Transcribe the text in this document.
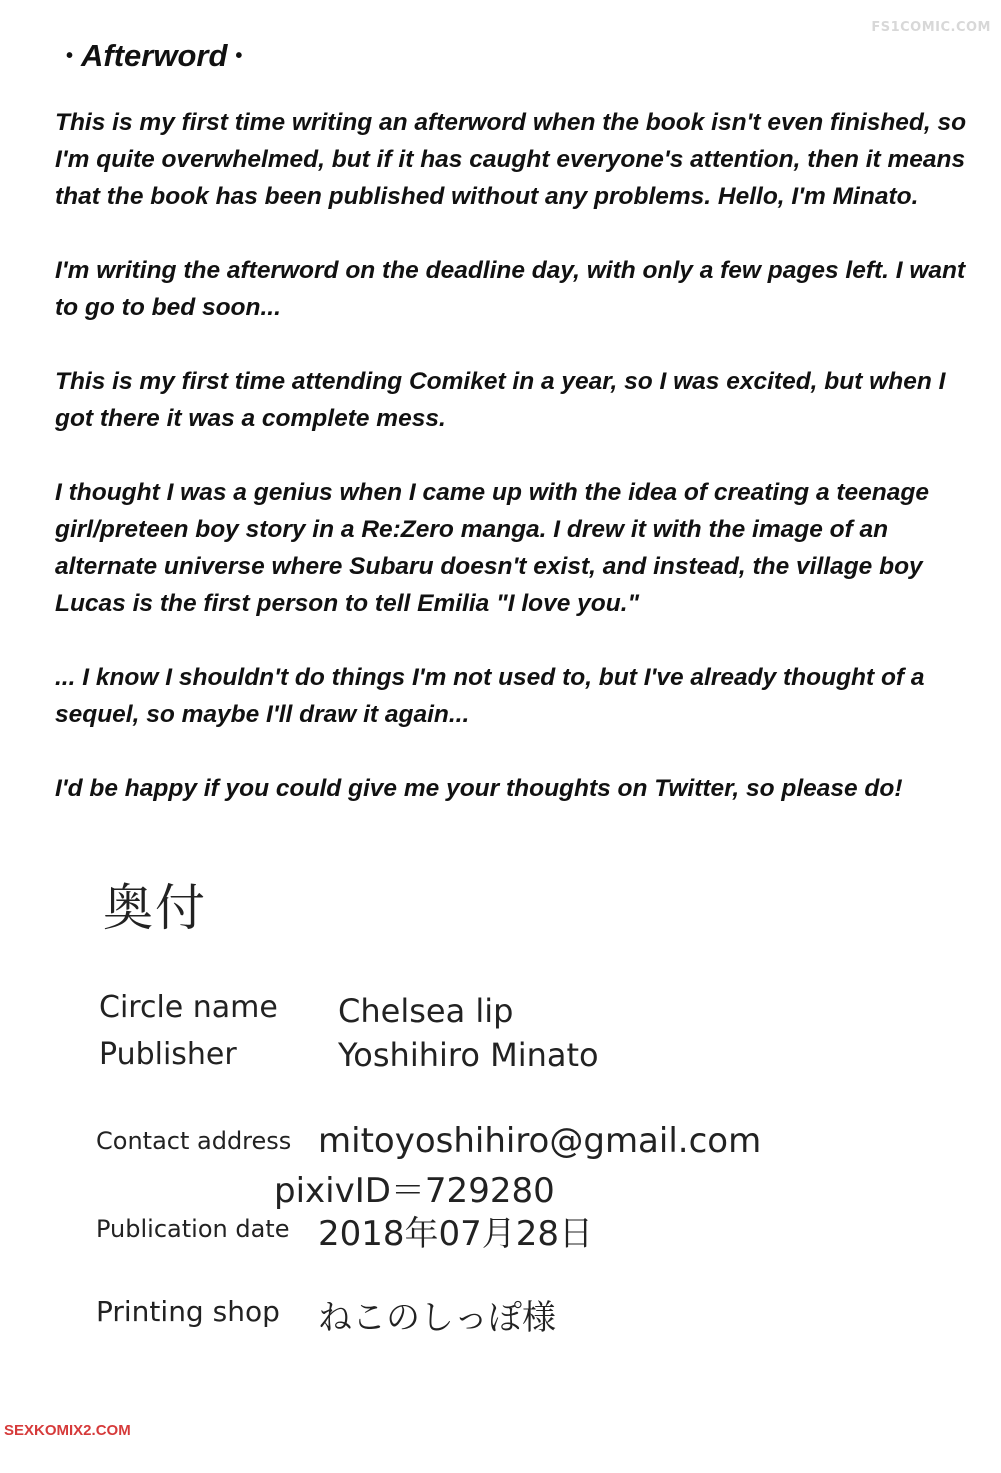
FS1COMIC.COM
• Afterword •

This is my first time writing an afterword when the book isn't even finished, so I'm quite overwhelmed, but if it has caught everyone's attention, then it means that the book has been published without any problems. Hello, I'm Minato.

I'm writing the afterword on the deadline day, with only a few pages left. I want to go to bed soon...

This is my first time attending Comiket in a year, so I was excited, but when I got there it was a complete mess.

I thought I was a genius when I came up with the idea of creating a teenage girl/preteen boy story in a Re:Zero manga. I drew it with the image of an alternate universe where Subaru doesn't exist, and instead, the village boy Lucas is the first person to tell Emilia "I love you."

... I know I shouldn't do things I'm not used to, but I've already thought of a sequel, so maybe I'll draw it again...

I'd be happy if you could give me your thoughts on Twitter, so please do!

奥付
Circle name Chelsea lip
Publisher	Yoshihiro Minato
Contact address mitoyoshihiro@gmail.com
pixivID＝729280
Publication date 2018年07月28日
Printing shop ねこのしっぽ様
SEXKOMIX2.COM
